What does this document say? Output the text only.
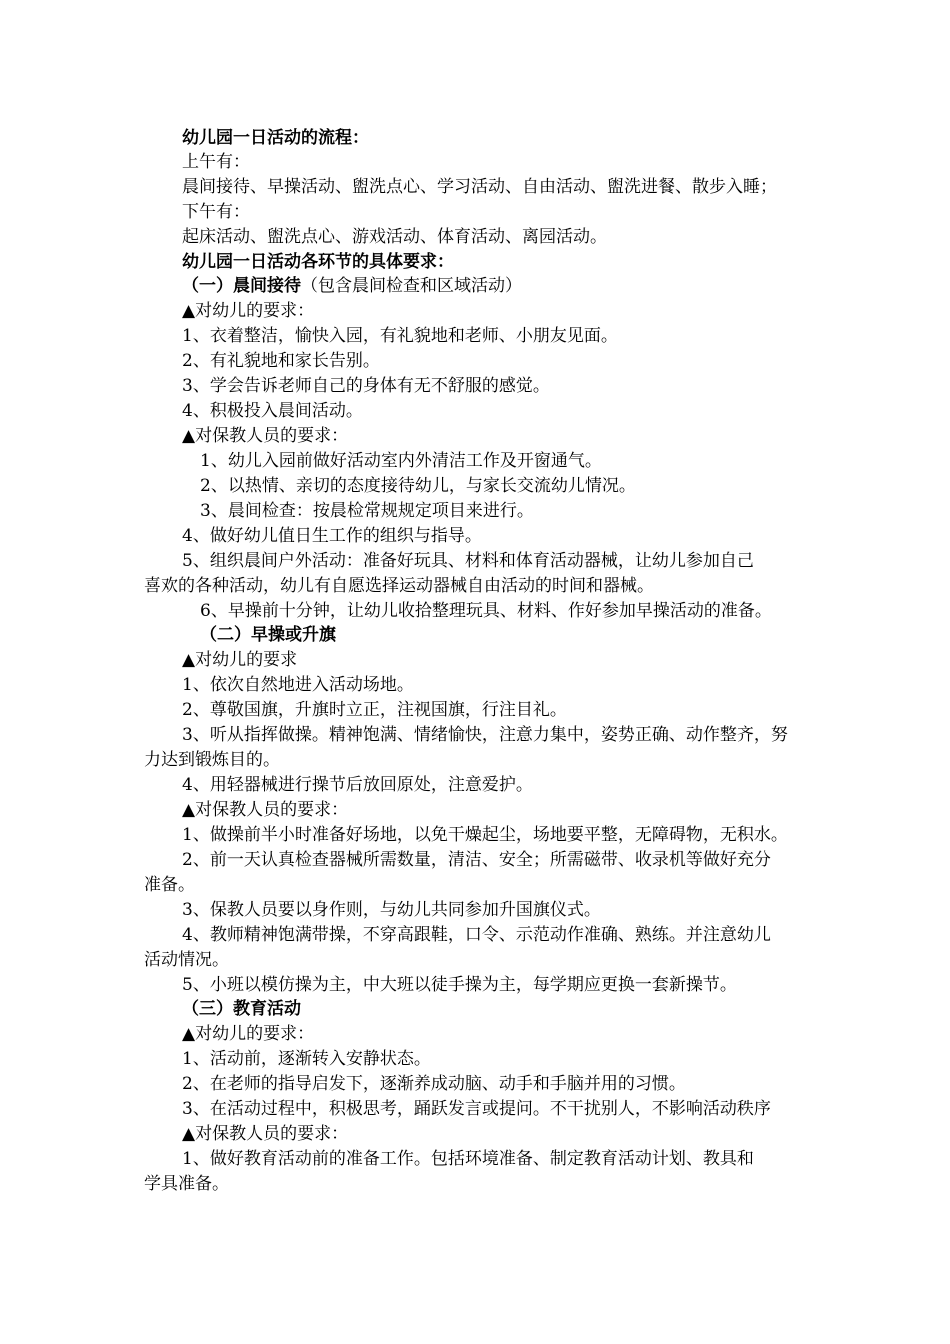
幼儿园一日活动的流程：
上午有：
晨间接待、早操活动、盥洗点心、学习活动、自由活动、盥洗进餐、散步入睡；
下午有：
起床活动、盥洗点心、游戏活动、体育活动、离园活动。
幼儿园一日活动各环节的具体要求：
（一）晨间接待（包含晨间检查和区域活动）
▲对幼儿的要求：
1、衣着整洁，愉快入园，有礼貌地和老师、小朋友见面。
2、有礼貌地和家长告别。
3、学会告诉老师自己的身体有无不舒服的感觉。
4、积极投入晨间活动。
▲对保教人员的要求：
1、幼儿入园前做好活动室内外清洁工作及开窗通气。
2、以热情、亲切的态度接待幼儿，与家长交流幼儿情况。
3、晨间检查：按晨检常规规定项目来进行。
4、做好幼儿值日生工作的组织与指导。
5、组织晨间户外活动：准备好玩具、材料和体育活动器械，让幼儿参加自己
喜欢的各种活动，幼儿有自愿选择运动器械自由活动的时间和器械。
6、早操前十分钟，让幼儿收拾整理玩具、材料、作好参加早操活动的准备。
（二）早操或升旗
▲对幼儿的要求
1、依次自然地进入活动场地。
2、尊敬国旗，升旗时立正，注视国旗，行注目礼。
3、听从指挥做操。精神饱满、情绪愉快，注意力集中，姿势正确、动作整齐，努
力达到锻炼目的。
4、用轻器械进行操节后放回原处，注意爱护。
▲对保教人员的要求：
1、做操前半小时准备好场地，以免干燥起尘，场地要平整，无障碍物，无积水。
2、前一天认真检查器械所需数量，清洁、安全；所需磁带、收录机等做好充分
准备。
3、保教人员要以身作则，与幼儿共同参加升国旗仪式。
4、教师精神饱满带操，不穿高跟鞋，口令、示范动作准确、熟练。并注意幼儿
活动情况。
5、小班以模仿操为主，中大班以徒手操为主，每学期应更换一套新操节。
（三）教育活动
▲对幼儿的要求：
1、活动前，逐渐转入安静状态。
2、在老师的指导启发下，逐渐养成动脑、动手和手脑并用的习惯。
3、在活动过程中，积极思考，踊跃发言或提问。不干扰别人，不影响活动秩序
▲对保教人员的要求：
1、做好教育活动前的准备工作。包括环境准备、制定教育活动计划、教具和
学具准备。
